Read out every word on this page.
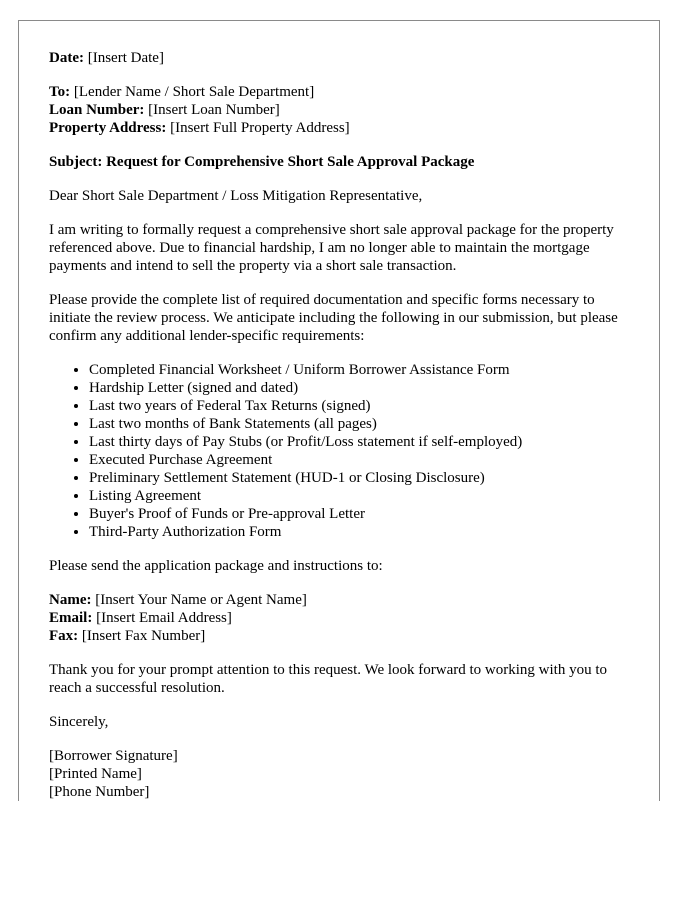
Date: [Insert Date]
To: [Lender Name / Short Sale Department]
Loan Number: [Insert Loan Number]
Property Address: [Insert Full Property Address]

Subject: Request for Comprehensive Short Sale Approval Package

Dear Short Sale Department / Loss Mitigation Representative,

I am writing to formally request a comprehensive short sale approval package for the property referenced above. Due to financial hardship, I am no longer able to maintain the mortgage payments and intend to sell the property via a short sale transaction.

Please provide the complete list of required documentation and specific forms necessary to initiate the review process. We anticipate including the following in our submission, but please confirm any additional lender-specific requirements:

• Completed Financial Worksheet / Uniform Borrower Assistance Form
• Hardship Letter (signed and dated)
• Last two years of Federal Tax Returns (signed)
• Last two months of Bank Statements (all pages)
• Last thirty days of Pay Stubs (or Profit/Loss statement if self-employed)
• Executed Purchase Agreement
• Preliminary Settlement Statement (HUD-1 or Closing Disclosure)
• Listing Agreement
• Buyer's Proof of Funds or Pre-approval Letter
• Third-Party Authorization Form

Please send the application package and instructions to:

Name: [Insert Your Name or Agent Name]
Email: [Insert Email Address]
Fax: [Insert Fax Number]

Thank you for your prompt attention to this request. We look forward to working with you to reach a successful resolution.

Sincerely,

[Borrower Signature]
[Printed Name]
[Phone Number]
